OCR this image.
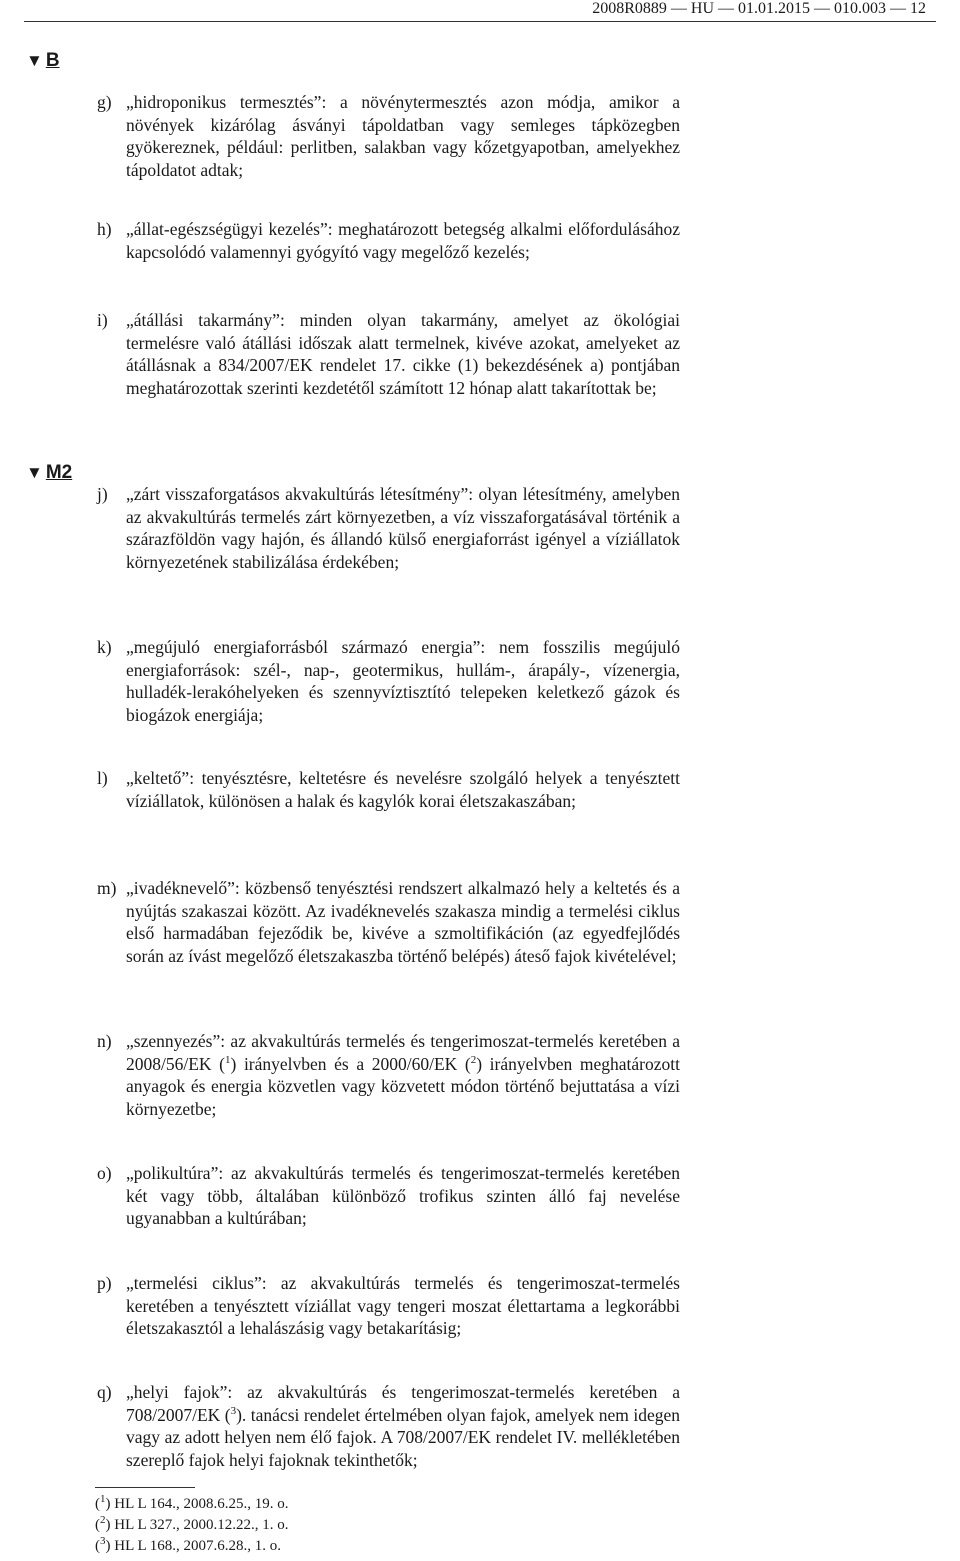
2008R0889 — HU — 01.01.2015 — 010.003 — 12
▼ B
▼ M2
g)	„ hidroponikus termesztés ” : a növénytermesztés azon módja, amikor a növények kizárólag ásványi tápoldatban vagy semleges tápközegben gyökereznek, például: perlitben, salakban vagy kőzetgyapotban, amelyekhez tápoldatot adtak;
h)	„ állat-egészségügyi kezelés ” : meghatározott betegség alkalmi előfordulásához kapcsolódó valamennyi gyógyító vagy megelőző kezelés;
i)	„ átállási takarmány ” : minden olyan takarmány, amelyet az ökológiai termelésre való átállási időszak alatt termelnek, kivéve azokat, amelyeket az átállásnak a 834/2007/EK rendelet 17. cikke (1) bekezdésének a) pontjában meghatározottak szerinti kezdetétől számított 12 hónap alatt takarítottak be;
j)	„ zárt visszaforgatásos akvakultúrás létesítmény ” : olyan létesítmény, amelyben az akvakultúrás termelés zárt környezetben, a víz visszaforgatásával történik a szárazföldön vagy hajón, és állandó külső energiaforrást igényel a víziállatok környezetének stabilizálása érdekében;
k)	„ megújuló energiaforrásból származó energia ” : nem fosszilis megújuló energiaforrások: szél-, nap-, geotermikus, hullám-, árapály-, vízenergia, hulladék-lerakóhelyeken és szennyvíztisztító telepeken keletkező gázok és biogázok energiája;
l)	„ keltető ” : tenyésztésre, keltetésre és nevelésre szolgáló helyek a tenyésztett víziállatok, különösen a halak és kagylók korai életszakaszában;
m) „ ivadéknevelő ” : közbenső tenyésztési rendszert alkalmazó hely a keltetés és a nyújtás szakaszai között. Az ivadéknevelés szakasza mindig a termelési ciklus első harmadában fejeződik be, kivéve a szmoltifikáción (az egyedfejlődés során az ívást megelőző életszakaszba történő belépés) áteső fajok kivételével;
n)	„ szennyezés ” : az akvakultúrás termelés és tengerimoszat-termelés keretében a 2008/56/EK ($^1$) irányelvben és a 2000/60/EK ($^2$) irányelvben meghatározott anyagok és energia közvetlen vagy közvetett módon történő bejuttatása a vízi környezetbe;
o)	„ polikultúra ” : az akvakultúrás termelés és tengerimoszat-termelés keretében két vagy több, általában különböző trofikus szinten álló faj nevelése ugyanabban a kultúrában;
p)	„ termelési ciklus ” : az akvakultúrás termelés és tengerimoszat-termelés keretében a tenyésztett víziállat vagy tengeri moszat élettartama a legkorábbi életszakasztól a lehalászásig vagy betakarításig;
q)	„ helyi fajok ” : az akvakultúrás és tengerimoszat-termelés keretében a 708/2007/EK ($^3$). tanácsi rendelet értelmében olyan fajok, amelyek nem idegen vagy az adott helyen nem élő fajok. A 708/2007/EK rendelet IV. mellékletében szereplő fajok helyi fajoknak tekinthetők;
($^1$) HL L 164., 2008.6.25., 19. o.
($^2$) HL L 327., 2000.12.22., 1. o.
($^3$) HL L 168., 2007.6.28., 1. o.
